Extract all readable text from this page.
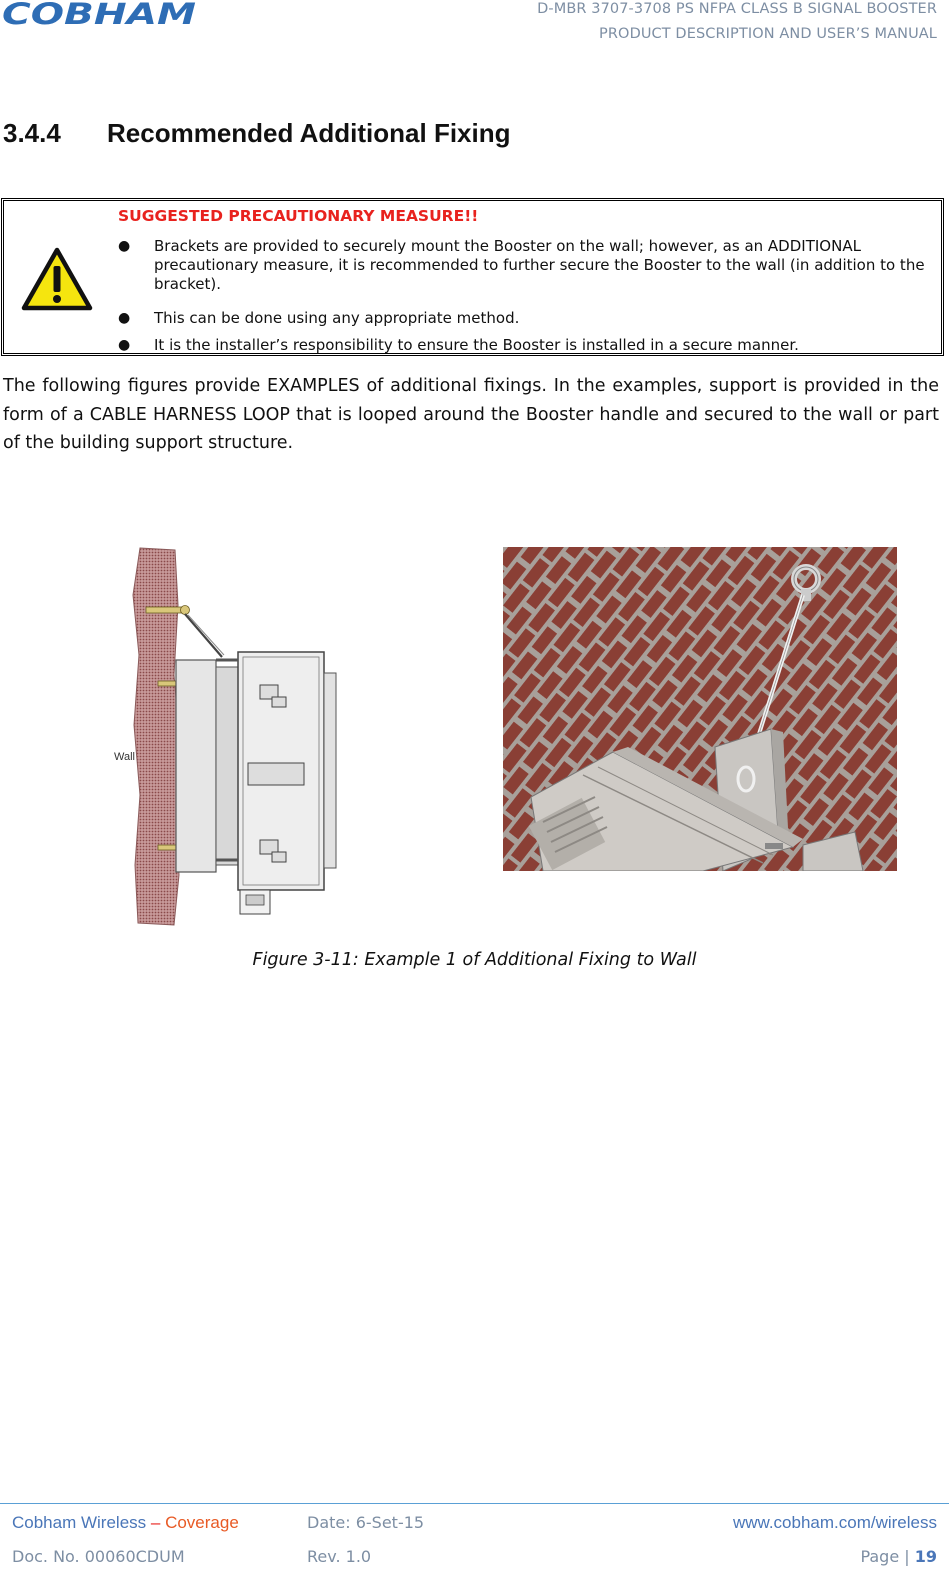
COBHAM	D-MBR 3707-3708 PS NFPA CLASS B SIGNAL BOOSTER
PRODUCT DESCRIPTION AND USER’S MANUAL
3.4.4 Recommended Additional Fixing
SUGGESTED PRECAUTIONARY MEASURE!!
● Brackets are provided to securely mount the Booster on the wall; however, as an ADDITIONAL precautionary measure, it is recommended to further secure the Booster to the wall (in addition to the bracket).
● This can be done using any appropriate method.
● It is the installer’s responsibility to ensure the Booster is installed in a secure manner.
The following figures provide EXAMPLES of additional fixings. In the examples, support is provided in the form of a CABLE HARNESS LOOP that is looped around the Booster handle and secured to the wall or part of the building support structure.
Wall
Figure 3-11: Example 1 of Additional Fixing to Wall
Cobham Wireless – Coverage	Date: 6-Set-15	www.cobham.com/wireless
Doc. No. 00060CDUM	Rev. 1.0	Page | 19
